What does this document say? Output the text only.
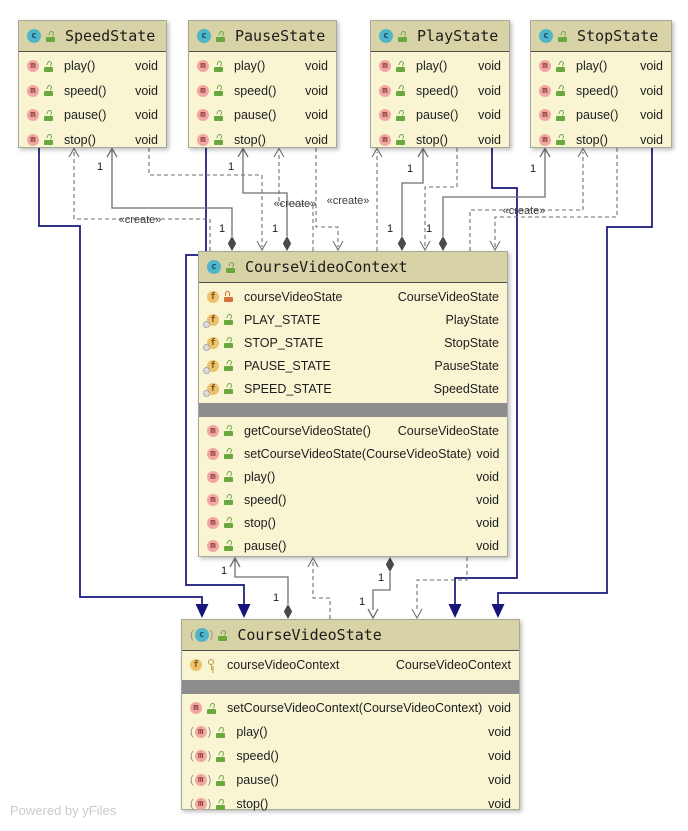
1
1
1
1
1
1
1
1
1
1
1
1
«create»
«create» «create»
«create»
c SpeedState
m play()	void
m speed() void
m pause() void
m stop()	void
c PauseState
m play()	void
m speed() void
m pause() void
m stop()	void
c PlayState
m play() void
m speed() void
m pause() void
m stop() void
c StopState
m play()	void
m speed() void
m pause() void
m stop()	void
c CourseVideoContext
f courseVideoState	CourseVideoState
f PLAY_STATE	PlayState
f STOP_STATE	StopState
f PAUSE_STATE	PauseState
f SPEED_STATE	SpeedState
m getCourseVideoState() CourseVideoState
m setCourseVideoState(CourseVideoState) void
m play()	void
m speed()	void
m stop()	void
m pause()	void
( c
) CourseVideoState
f courseVideoContext	CourseVideoContext
m setCourseVideoContext(CourseVideoContext) void
( m
)	play()	void
( m
)	speed()	void
( m
)	pause()	void
( m
)	stop()	void
Powered by yFiles
